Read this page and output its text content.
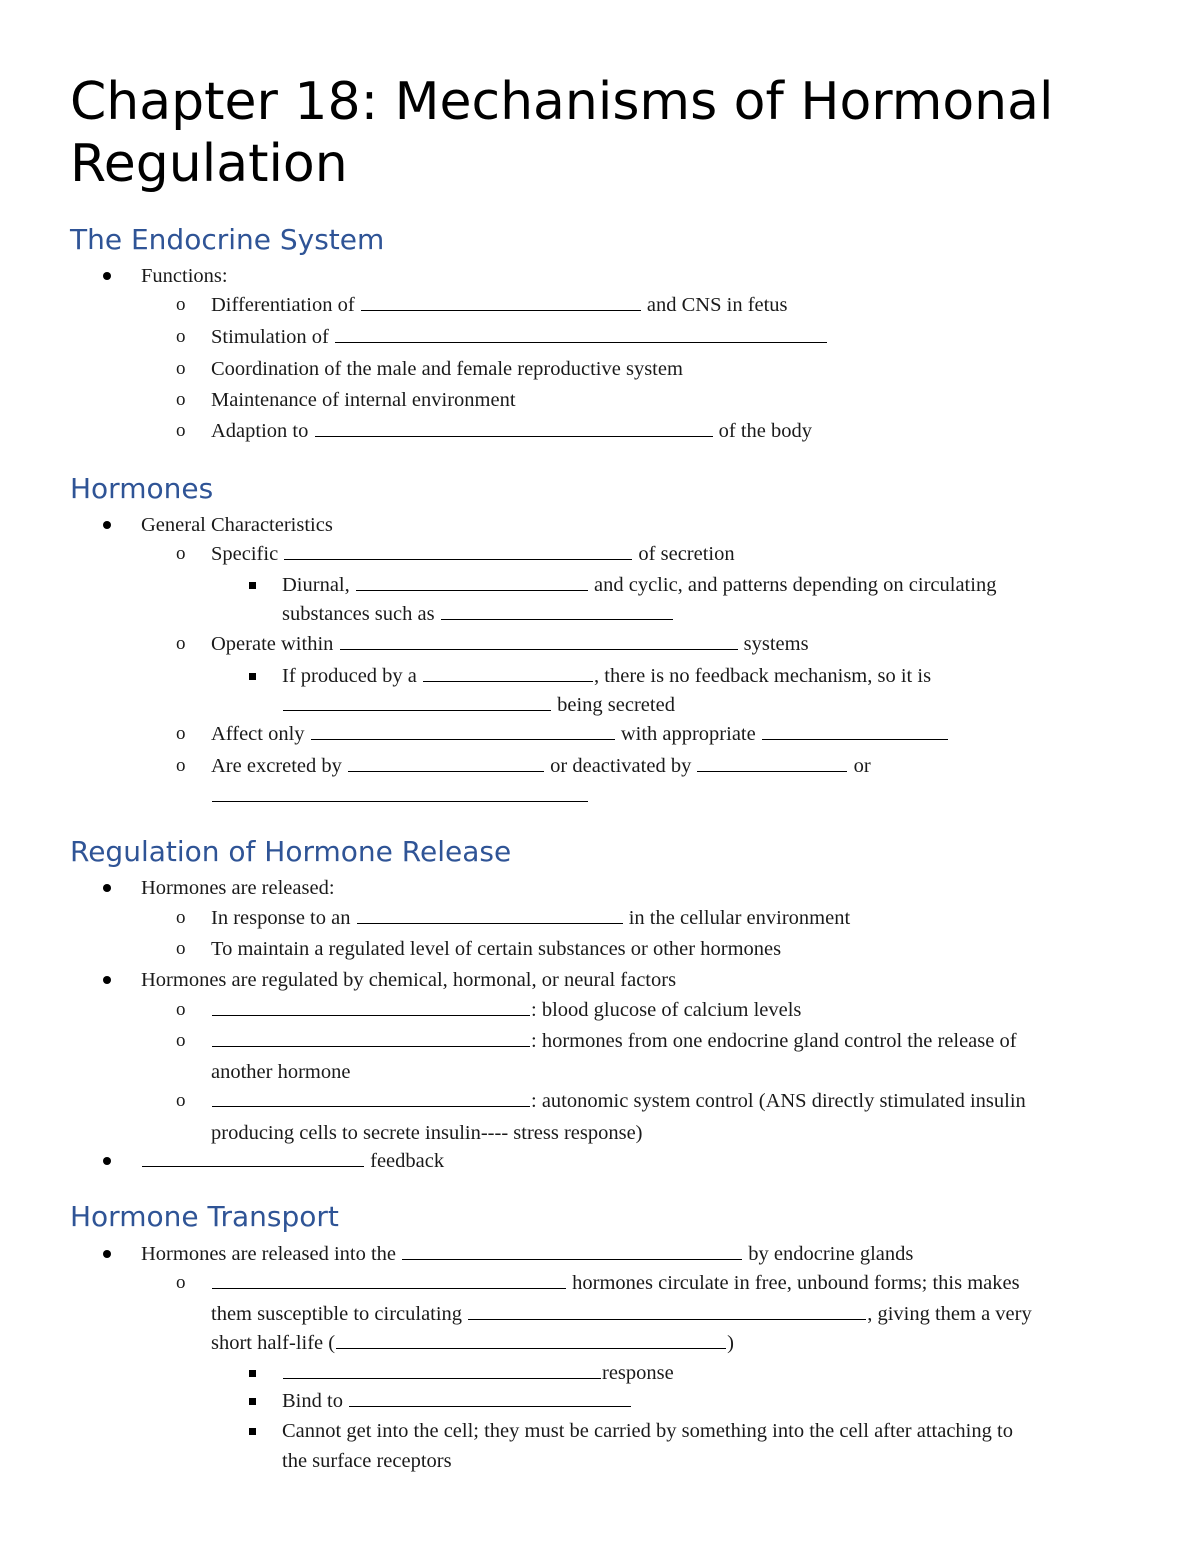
Chapter 18: Mechanisms of Hormonal
Regulation
The Endocrine System
Functions:
o Differentiation of	and CNS in fetus
o Stimulation of
o Coordination of the male and female reproductive system
o Maintenance of internal environment
o Adaption to	of the body
Hormones
General Characteristics
o Specific	of secretion
Diurnal,	and cyclic, and patterns depending on circulating
substances such as
o Operate within	systems
If produced by a	, there is no feedback mechanism, so it is
being secreted
o Affect only	with appropriate
o Are excreted by	or deactivated by	or
Regulation of Hormone Release
Hormones are released:
o In response to an	in the cellular environment
o To maintain a regulated level of certain substances or other hormones
Hormones are regulated by chemical, hormonal, or neural factors
o	: blood glucose of calcium levels
o	: hormones from one endocrine gland control the release of
another hormone
o	: autonomic system control (ANS directly stimulated insulin
producing cells to secrete insulin---- stress response)
feedback
Hormone Transport
Hormones are released into the	by endocrine glands
o	hormones circulate in free, unbound forms; this makes
them susceptible to circulating	, giving them a very
short half-life (	)
response
Bind to
Cannot get into the cell; they must be carried by something into the cell after attaching to
the surface receptors
